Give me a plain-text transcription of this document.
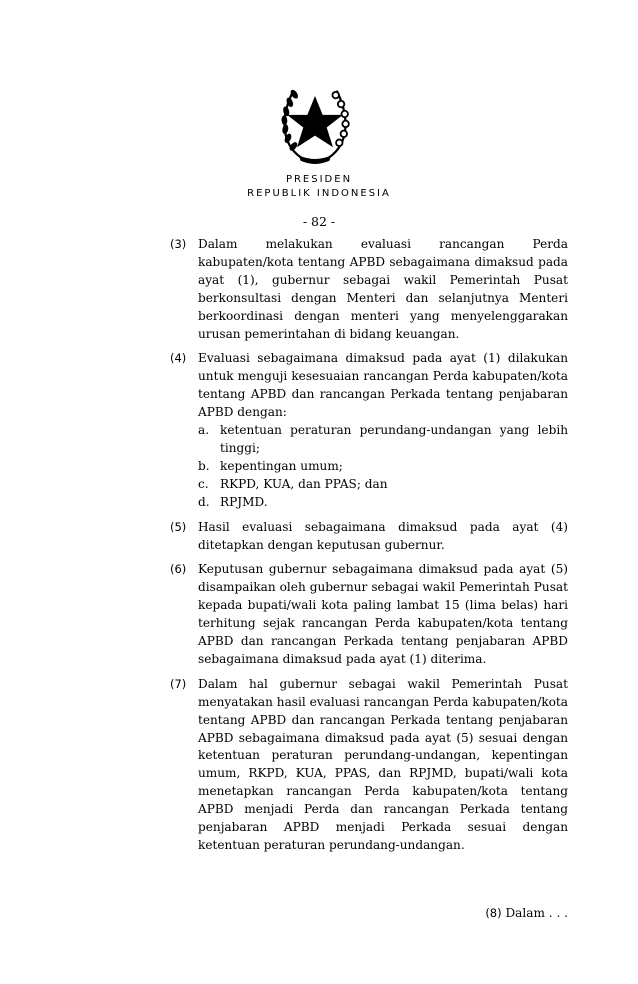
PRESIDEN
REPUBLIK INDONESIA
- 82 -
(3) Dalam melakukan evaluasi rancangan Perda kabupaten/kota tentang APBD sebagaimana dimaksud pada ayat (1), gubernur sebagai wakil Pemerintah Pusat berkonsultasi dengan Menteri dan selanjutnya Menteri berkoordinasi dengan menteri yang menyelenggarakan urusan pemerintahan di bidang keuangan.
(4) Evaluasi sebagaimana dimaksud pada ayat (1) dilakukan untuk menguji kesesuaian rancangan Perda kabupaten/kota tentang APBD dan rancangan Perkada tentang penjabaran APBD dengan:
a. ketentuan peraturan perundang-undangan yang lebih tinggi;
b. kepentingan umum;
c. RKPD, KUA, dan PPAS; dan
d. RPJMD.
(5) Hasil evaluasi sebagaimana dimaksud pada ayat (4) ditetapkan dengan keputusan gubernur.
(6) Keputusan gubernur sebagaimana dimaksud pada ayat (5) disampaikan oleh gubernur sebagai wakil Pemerintah Pusat kepada bupati/wali kota paling lambat 15 (lima belas) hari terhitung sejak rancangan Perda kabupaten/kota tentang APBD dan rancangan Perkada tentang penjabaran APBD sebagaimana dimaksud pada ayat (1) diterima.
(7) Dalam hal gubernur sebagai wakil Pemerintah Pusat menyatakan hasil evaluasi rancangan Perda kabupaten/kota tentang APBD dan rancangan Perkada tentang penjabaran APBD sebagaimana dimaksud pada ayat (5) sesuai dengan ketentuan peraturan perundang-undangan, kepentingan umum, RKPD, KUA, PPAS, dan RPJMD, bupati/wali kota menetapkan rancangan Perda kabupaten/kota tentang APBD menjadi Perda dan rancangan Perkada tentang penjabaran APBD menjadi Perkada sesuai dengan ketentuan peraturan perundang-undangan.
(8) Dalam . . .
